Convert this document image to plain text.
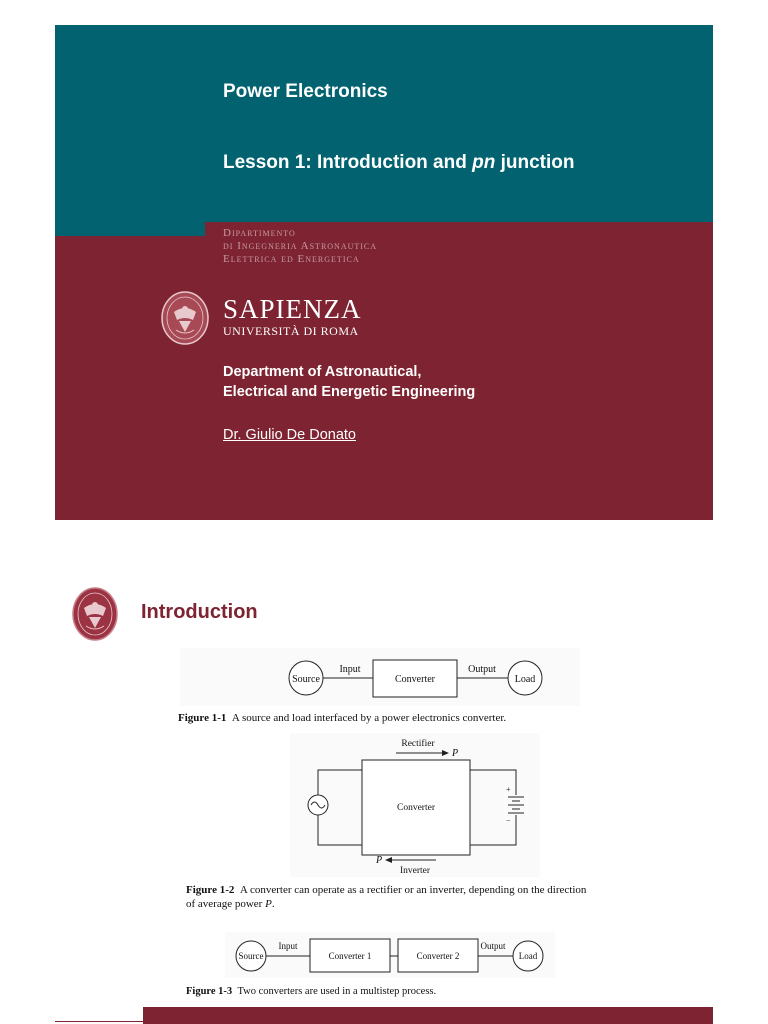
Power Electronics
Lesson 1: Introduction and pn junction
Dipartimento
di Ingegneria Astronautica
Elettrica ed Energetica
SAPIENZA
UNIVERSITÀ DI ROMA
Department of Astronautical,
Electrical and Energetic Engineering
Dr. Giulio De Donato
Introduction
Source
Input
Converter
Output
Load
Figure 1-1 A source and load interfaced by a power electronics converter.
Rectifier
P
Converter
+
−
P
Inverter
Figure 1-2 A converter can operate as a rectifier or an inverter, depending on the direction
of average power P.
Source
Input
Converter 1	Converter 2
Output
Load
Figure 1-3 Two converters are used in a multistep process.
